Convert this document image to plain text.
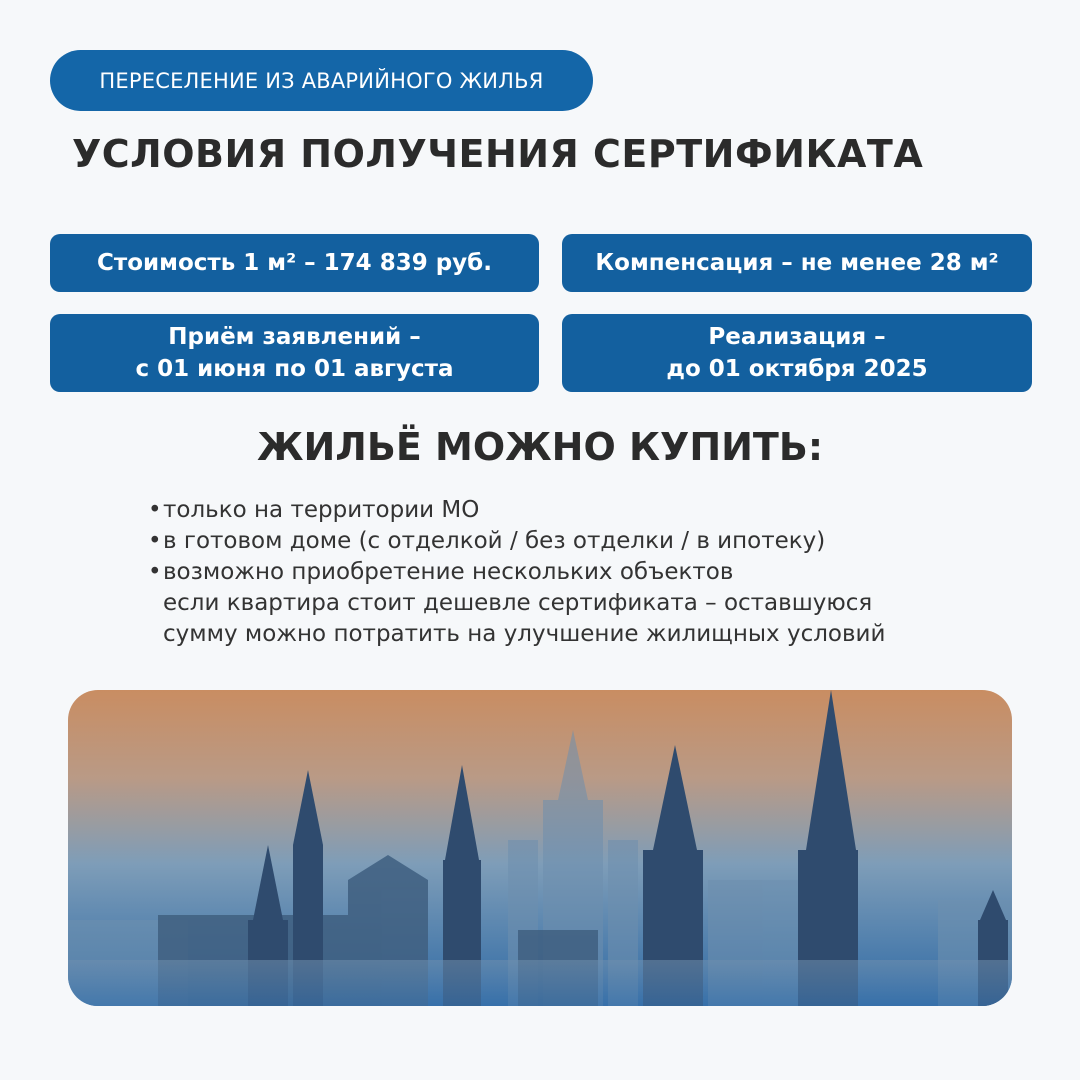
ПЕРЕСЕЛЕНИЕ ИЗ АВАРИЙНОГО ЖИЛЬЯ
УСЛОВИЯ ПОЛУЧЕНИЯ СЕРТИФИКАТА
Стоимость 1 м² – 174 839 руб.	Компенсация – не менее 28 м²
Приём заявлений –
с 01 июня по 01 августа
Реализация –
до 01 октября 2025
ЖИЛЬЁ МОЖНО КУПИТЬ:
• только на территории МО
• в готовом доме (с отделкой / без отделки / в ипотеку)
• возможно приобретение нескольких объектов
если квартира стоит дешевле сертификата – оставшуюся
сумму можно потратить на улучшение жилищных условий
